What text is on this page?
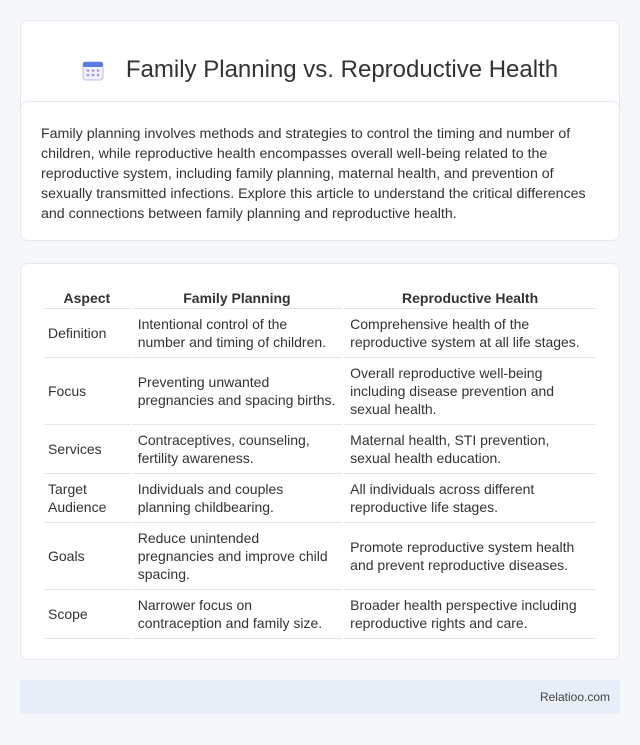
Family Planning vs. Reproductive Health

Family planning involves methods and strategies to control the timing and number of children, while reproductive health encompasses overall well-being related to the reproductive system, including family planning, maternal health, and prevention of sexually transmitted infections. Explore this article to understand the critical differences and connections between family planning and reproductive health.

Aspect	Family Planning	Reproductive Health
Definition	Intentional control of the number and timing of children.	Comprehensive health of the reproductive system at all life stages.
Focus	Preventing unwanted pregnancies and spacing births.	Overall reproductive well-being including disease prevention and sexual health.
Services	Contraceptives, counseling, fertility awareness.	Maternal health, STI prevention, sexual health education.
Target Audience	Individuals and couples planning childbearing.	All individuals across different reproductive life stages.
Goals	Reduce unintended pregnancies and improve child spacing.	Promote reproductive system health and prevent reproductive diseases.
Scope	Narrower focus on contraception and family size.	Broader health perspective including reproductive rights and care.
Relatioo.com
